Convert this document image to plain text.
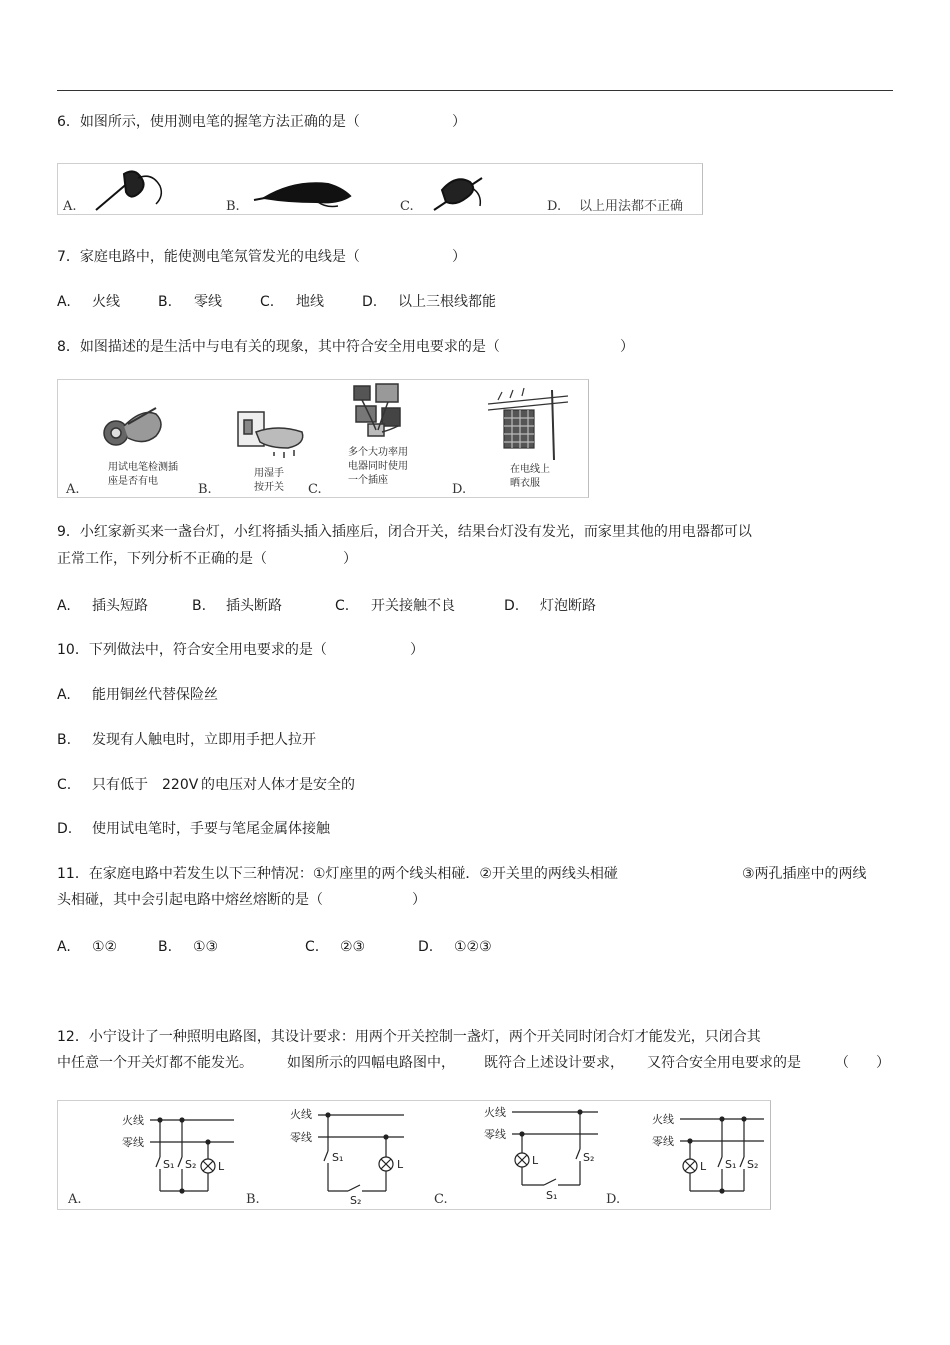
6．如图所示，使用测电笔的握笔方法正确的是（	）
A.	B.	C.	D. 以上用法都不正确
7．家庭电路中，能使测电笔氖管发光的电线是（	）
A. 火线	B. 零线	C. 地线	D. 以上三根线都能
8．如图描述的是生活中与电有关的现象，其中符合安全用电要求的是（	）
用试电笔检测插
座是否有电
A.
用湿手
按开关
B.
多个大功率用
电器同时使用
一个插座
C.
在电线上
晒衣服
D.
9．小红家新买来一盏台灯，小红将插头插入插座后，闭合开关，结果台灯没有发光，而家里其他的用电器都可以
正常工作，下列分析不正确的是（	）
A. 插头短路	B. 插头断路	C. 开关接触不良	D. 灯泡断路
10．下列做法中，符合安全用电要求的是（	）
A. 能用铜丝代替保险丝
B. 发现有人触电时，立即用手把人拉开
C. 只有低于 220V 的电压对人体才是安全的
D. 使用试电笔时，手要与笔尾金属体接触
11．在家庭电路中若发生以下三种情况：①灯座里的两个线头相碰．②开关里的两线头相碰	③两孔插座中的两线
头相碰，其中会引起电路中熔丝熔断的是（	）
A. ①②	B. ①③	C. ②③	D. ①②③
12．小宁设计了一种照明电路图，其设计要求：用两个开关控制一盏灯，两个开关同时闭合灯才能发光，只闭合其
中任意一个开关灯都不能发光。 如图所示的四幅电路图中， 既符合上述设计要求， 又符合安全用电要求的是 （ ）
火线
零线
S₁ S₂ L
A.
火线
零线
S₁
L
S₂
B.
火线
零线
L	S₂
S₁
C.
火线
零线
L S₁ S₂
D.
